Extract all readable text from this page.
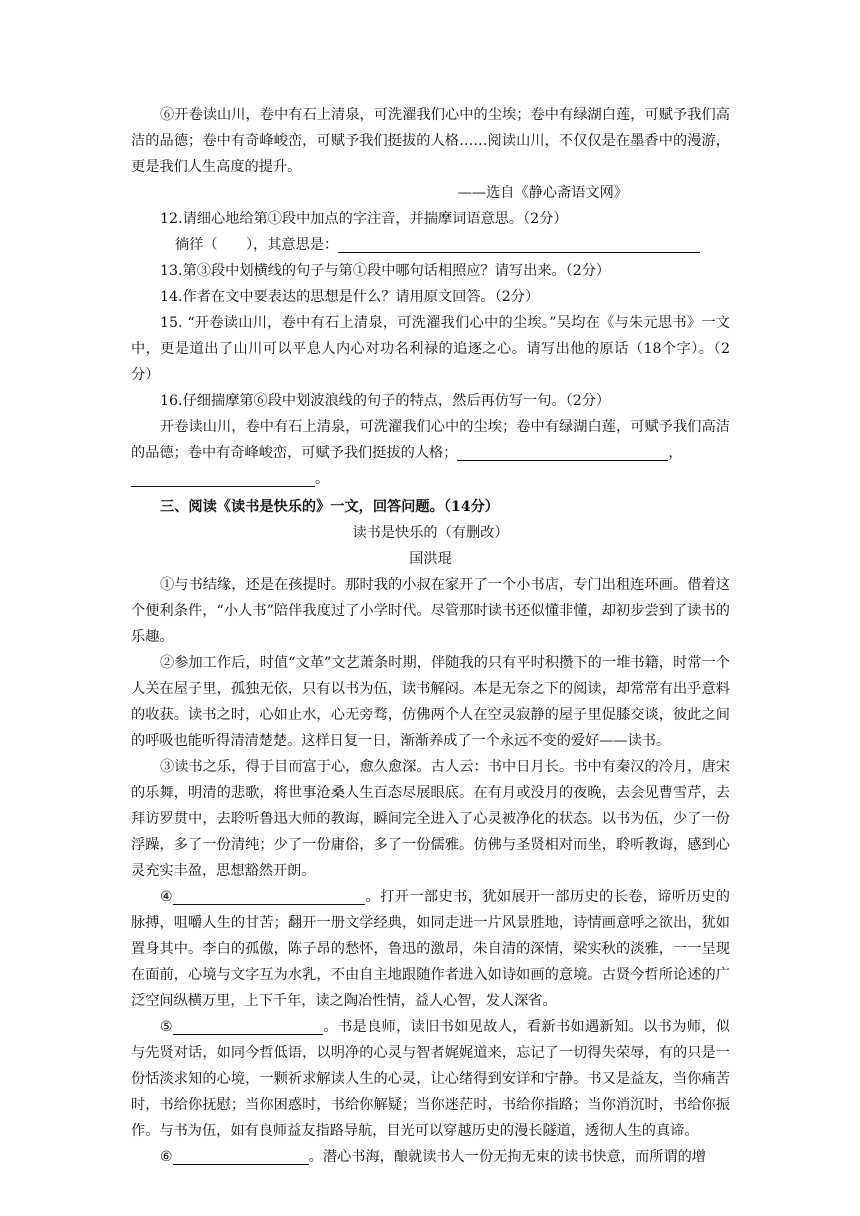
⑥开卷读山川，卷中有石上清泉，可洗濯我们心中的尘埃；卷中有绿湖白莲，可赋予我们高洁的品德；卷中有奇峰峻峦，可赋予我们挺拔的人格……阅读山川，不仅仅是在墨香中的漫游，更是我们人生高度的提升。

——选自《静心斋语文网》

12.请细心地给第①段中加点的字注音，并揣摩词语意思。（2分）

徜徉（　　），其意思是：

13.第③段中划横线的句子与第①段中哪句话相照应？请写出来。（2分）

14.作者在文中要表达的思想是什么？请用原文回答。（2分）

15. “开卷读山川，卷中有石上清泉，可洗濯我们心中的尘埃。”吴均在《与朱元思书》一文中，更是道出了山川可以平息人内心对功名利禄的追逐之心。请写出他的原话（18个字）。（2分）

16.仔细揣摩第⑥段中划波浪线的句子的特点，然后再仿写一句。（2分）

开卷读山川，卷中有石上清泉，可洗濯我们心中的尘埃；卷中有绿湖白莲，可赋予我们高洁的品德；卷中有奇峰峻峦，可赋予我们挺拔的人格；	，

。

三、阅读《读书是快乐的》一文，回答问题。（14分）

读书是快乐的（有删改）

国洪琨

①与书结缘，还是在孩提时。那时我的小叔在家开了一个小书店，专门出租连环画。借着这个便利条件，“小人书”陪伴我度过了小学时代。尽管那时读书还似懂非懂，却初步尝到了读书的乐趣。

②参加工作后，时值“文革”文艺萧条时期，伴随我的只有平时积攒下的一堆书籍，时常一个人关在屋子里，孤独无依，只有以书为伍，读书解闷。本是无奈之下的阅读，却常常有出乎意料的收获。读书之时，心如止水，心无旁骛，仿佛两个人在空灵寂静的屋子里促膝交谈，彼此之间的呼吸也能听得清清楚楚。这样日复一日，渐渐养成了一个永远不变的爱好——读书。

③读书之乐，得于目而富于心，愈久愈深。古人云：书中日月长。书中有秦汉的冷月，唐宋的乐舞，明清的悲歌，将世事沧桑人生百态尽展眼底。在有月或没月的夜晚，去会见曹雪芹，去拜访罗贯中，去聆听鲁迅大师的教诲，瞬间完全进入了心灵被净化的状态。以书为伍，少了一份浮躁，多了一份清纯；少了一份庸俗，多了一份儒雅。仿佛与圣贤相对而坐，聆听教诲，感到心灵充实丰盈，思想豁然开朗。

④	。打开一部史书，犹如展开一部历史的长卷，谛听历史的脉搏，咀嚼人生的甘苦；翻开一册文学经典，如同走进一片风景胜地，诗情画意呼之欲出，犹如置身其中。李白的孤傲，陈子昂的愁怀，鲁迅的激昂，朱自清的深情，梁实秋的淡雅，一一呈现在面前，心境与文字互为水乳，不由自主地跟随作者进入如诗如画的意境。古贤今哲所论述的广泛空间纵横万里，上下千年，读之陶冶性情，益人心智，发人深省。

⑤	。书是良师，读旧书如见故人，看新书如遇新知。以书为师，似与先贤对话，如同今哲低语，以明净的心灵与智者娓娓道来，忘记了一切得失荣辱，有的只是一份恬淡求知的心境，一颗祈求解读人生的心灵，让心绪得到安详和宁静。书又是益友，当你痛苦时，书给你抚慰；当你困惑时，书给你解疑；当你迷茫时，书给你指路；当你消沉时，书给你振作。与书为伍，如有良师益友指路导航，目光可以穿越历史的漫长隧道，透彻人生的真谛。

⑥	。潜心书海，酿就读书人一份无拘无束的读书快意，而所谓的增
